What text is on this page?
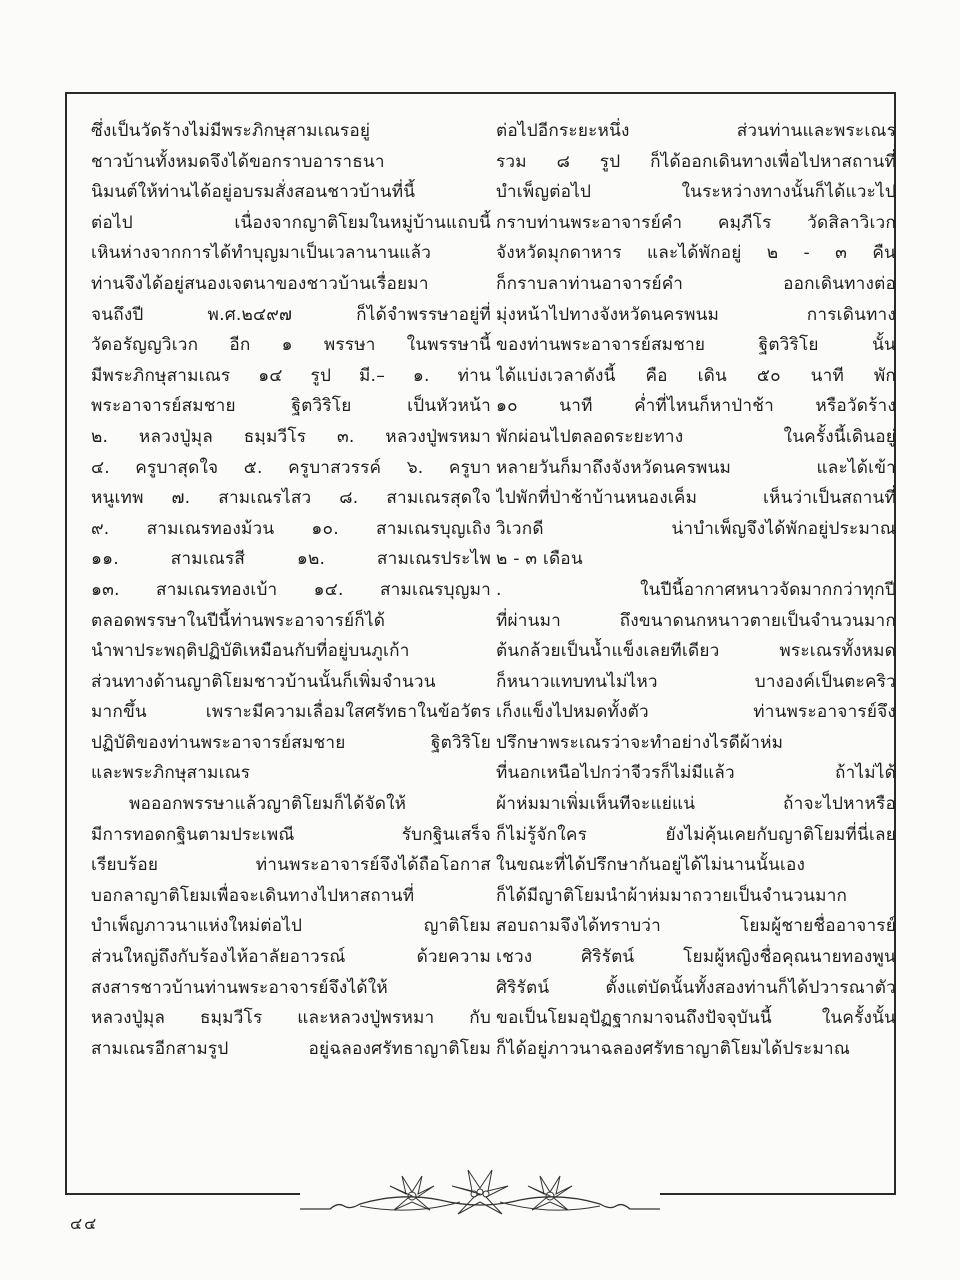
ซึ่งเป็นวัดร้างไม่มีพระภิกษุสามเณรอยู่
ชาวบ้านทั้งหมดจึงได้ขอกราบอาราธนา
นิมนต์ให้ท่านได้อยู่อบรมสั่งสอนชาวบ้านที่นี้
ต่อไป เนื่องจากญาติโยมในหมู่บ้านแถบนี้
เหินห่างจากการได้ทำบุญมาเป็นเวลานานแล้ว
ท่านจึงได้อยู่สนองเจตนาของชาวบ้านเรื่อยมา
จนถึงปี พ.ศ.๒๔๙๗ ก็ได้จำพรรษาอยู่ที่
วัดอรัญญวิเวก อีก ๑ พรรษา ในพรรษานี้
มีพระภิกษุสามเณร ๑๔ รูป มี.– ๑. ท่าน
พระอาจารย์สมชาย ฐิตวิริโย เป็นหัวหน้า
๒. หลวงปู่มุล ธมฺมวีโร ๓. หลวงปู่พรหมา
๔. ครูบาสุดใจ ๕. ครูบาสวรรค์ ๖. ครูบา
หนูเทพ ๗. สามเณรไสว ๘. สามเณรสุดใจ
๙. สามเณรทองม้วน ๑๐. สามเณรบุญเถิง
๑๑. สามเณรสี ๑๒. สามเณรประไพ
๑๓. สามเณรทองเบ้า ๑๔. สามเณรบุญมา
ตลอดพรรษาในปีนี้ท่านพระอาจารย์ก็ได้
นำพาประพฤติปฏิบัติเหมือนกับที่อยู่บนภูเก้า
ส่วนทางด้านญาติโยมชาวบ้านนั้นก็เพิ่มจำนวน
มากขึ้น เพราะมีความเลื่อมใสศรัทธาในข้อวัตร
ปฏิบัติของท่านพระอาจารย์สมชาย ฐิตวิริโย
และพระภิกษุสามเณร
พอออกพรรษาแล้วญาติโยมก็ได้จัดให้
มีการทอดกฐินตามประเพณี รับกฐินเสร็จ
เรียบร้อย ท่านพระอาจารย์จึงได้ถือโอกาส
บอกลาญาติโยมเพื่อจะเดินทางไปหาสถานที่
บำเพ็ญภาวนาแห่งใหม่ต่อไป ญาติโยม
ส่วนใหญ่ถึงกับร้องไห้อาลัยอาวรณ์ ด้วยความ
สงสารชาวบ้านท่านพระอาจารย์จึงได้ให้
หลวงปู่มุล ธมฺมวีโร และหลวงปู่พรหมา กับ
สามเณรอีกสามรูป อยู่ฉลองศรัทธาญาติโยม
ต่อไปอีกระยะหนึ่ง ส่วนท่านและพระเณร
รวม ๘ รูป ก็ได้ออกเดินทางเพื่อไปหาสถานที่
บำเพ็ญต่อไป ในระหว่างทางนั้นก็ได้แวะไป
กราบท่านพระอาจารย์คำ คมฺภีโร วัดสิลาวิเวก
จังหวัดมุกดาหาร และได้พักอยู่ ๒ - ๓ คืน
ก็กราบลาท่านอาจารย์คำ ออกเดินทางต่อ
มุ่งหน้าไปทางจังหวัดนครพนม การเดินทาง
ของท่านพระอาจารย์สมชาย ฐิตวิริโย นั้น
ได้แบ่งเวลาดังนี้ คือ เดิน ๕๐ นาที พัก
๑๐ นาที ค่ำที่ไหนก็หาป่าช้า หรือวัดร้าง
พักผ่อนไปตลอดระยะทาง ในครั้งนี้เดินอยู่
หลายวันก็มาถึงจังหวัดนครพนม และได้เข้า
ไปพักที่ป่าช้าบ้านหนองเค็ม เห็นว่าเป็นสถานที่
วิเวกดี น่าบำเพ็ญจึงได้พักอยู่ประมาณ
๒ - ๓ เดือน
. ในปีนี้อากาศหนาวจัดมากกว่าทุกปี
ที่ผ่านมา ถึงขนาดนกหนาวตายเป็นจำนวนมาก
ต้นกล้วยเป็นน้ำแข็งเลยทีเดียว พระเณรทั้งหมด
ก็หนาวแทบทนไม่ไหว บางองค์เป็นตะคริว
เก็งแข็งไปหมดทั้งตัว ท่านพระอาจารย์จึง
ปรึกษาพระเณรว่าจะทำอย่างไรดีผ้าห่ม
ที่นอกเหนือไปกว่าจีวรก็ไม่มีแล้ว ถ้าไม่ได้
ผ้าห่มมาเพิ่มเห็นทีจะแย่แน่ ถ้าจะไปหาหรือ
ก็ไม่รู้จักใคร ยังไม่คุ้นเคยกับญาติโยมที่นี่เลย
ในขณะที่ได้ปรึกษากันอยู่ได้ไม่นานนั้นเอง
ก็ได้มีญาติโยมนำผ้าห่มมาถวายเป็นจำนวนมาก
สอบถามจึงได้ทราบว่า โยมผู้ชายชื่ออาจารย์
เชวง ศิริรัตน์ โยมผู้หญิงชื่อคุณนายทองพูน
ศิริรัตน์ ตั้งแต่บัดนั้นทั้งสองท่านก็ได้ปวารณาตัว
ขอเป็นโยมอุปัฏฐากมาจนถึงปัจจุบันนี้ ในครั้งนั้น
ก็ได้อยู่ภาวนาฉลองศรัทธาญาติโยมได้ประมาณ
๔๔
